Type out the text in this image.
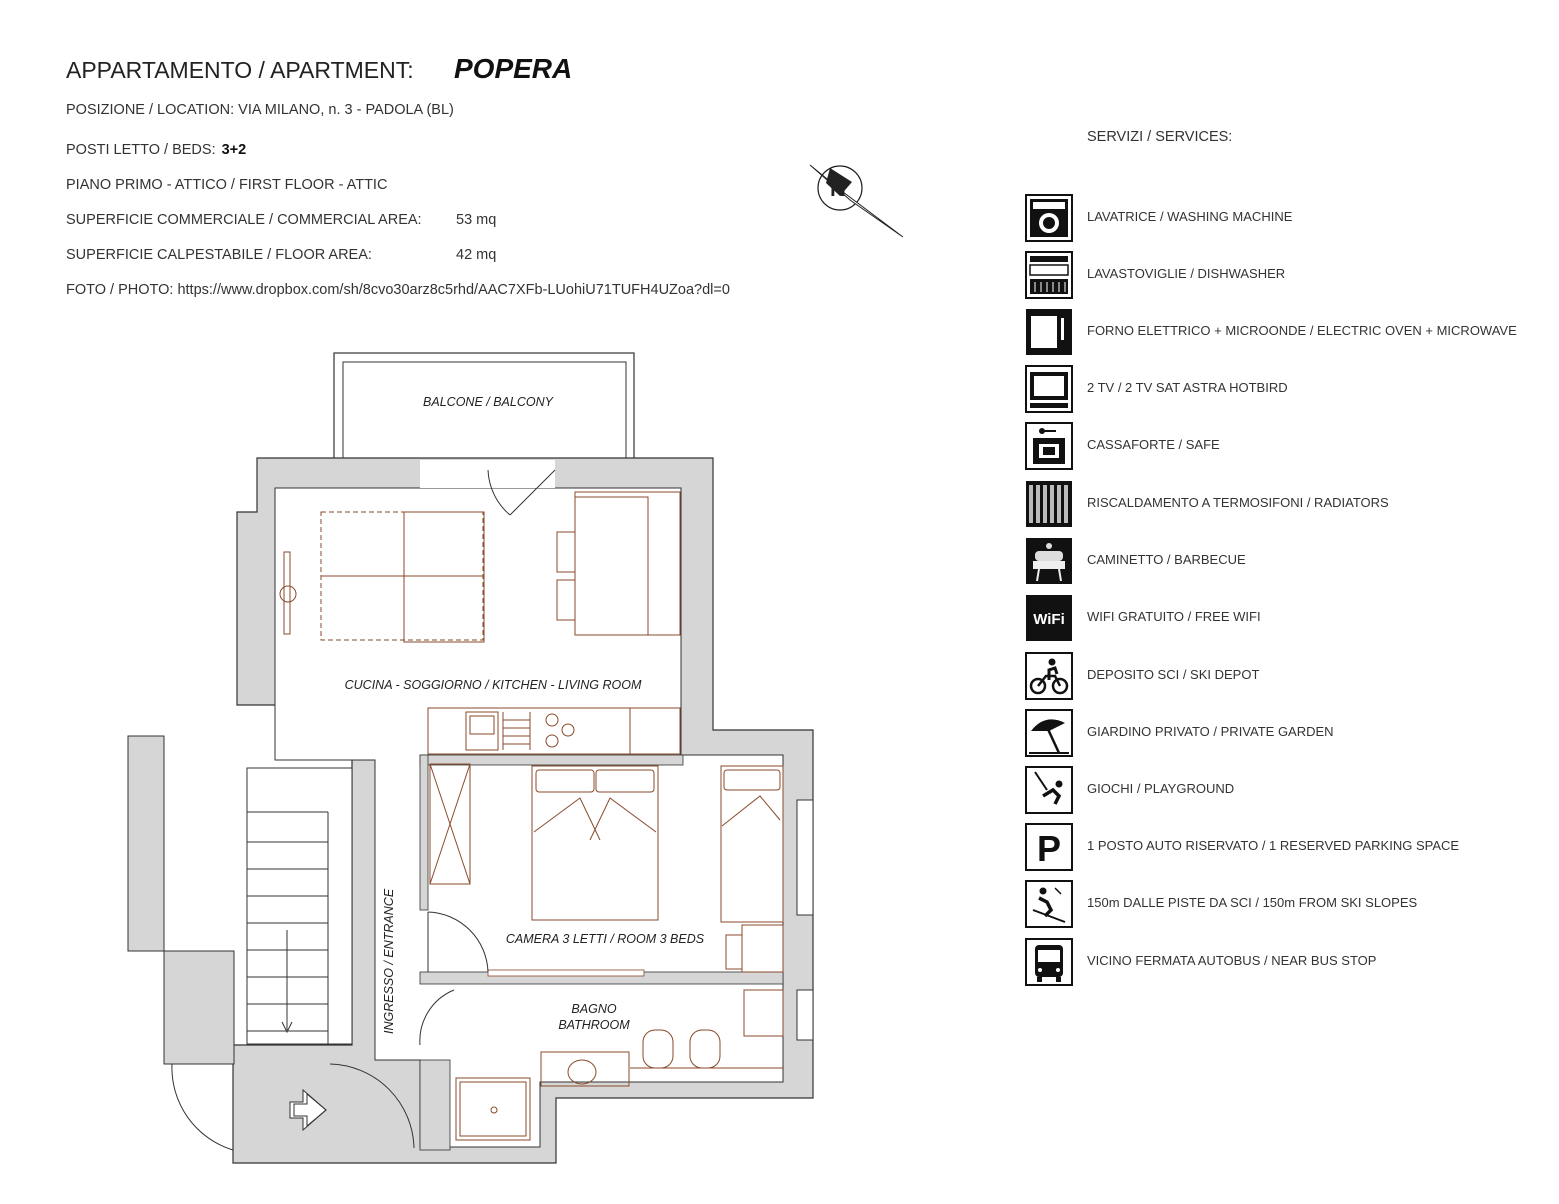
APPARTAMENTO / APARTMENT: POPERA
POSIZIONE / LOCATION: VIA MILANO, n. 3 - PADOLA (BL)
POSTI LETTO / BEDS: 3+2
PIANO PRIMO - ATTICO / FIRST FLOOR - ATTIC
SUPERFICIE COMMERCIALE / COMMERCIAL AREA: 53 mq
SUPERFICIE CALPESTABILE / FLOOR AREA:	42 mq
FOTO / PHOTO: https://www.dropbox.com/sh/8cvo30arz8c5rhd/AAC7XFb-LUohiU71TUFH4UZoa?dl=0
N
BALCONE / BALCONY
CUCINA - SOGGIORNO / KITCHEN - LIVING ROOM
CAMERA 3 LETTI / ROOM 3 BEDS
BAGNO
BATHROOM
INGRESSO / ENTRANCE
SERVIZI / SERVICES:
LAVATRICE / WASHING MACHINE
LAVASTOVIGLIE / DISHWASHER
FORNO ELETTRICO + MICROONDE / ELECTRIC OVEN + MICROWAVE
2 TV / 2 TV SAT ASTRA HOTBIRD
CASSAFORTE / SAFE
RISCALDAMENTO A TERMOSIFONI / RADIATORS
CAMINETTO / BARBECUE
WiFi WIFI GRATUITO / FREE WIFI
DEPOSITO SCI / SKI DEPOT
GIARDINO PRIVATO / PRIVATE GARDEN
GIOCHI / PLAYGROUND
P 1 POSTO AUTO RISERVATO / 1 RESERVED PARKING SPACE
150m DALLE PISTE DA SCI / 150m FROM SKI SLOPES
VICINO FERMATA AUTOBUS / NEAR BUS STOP
